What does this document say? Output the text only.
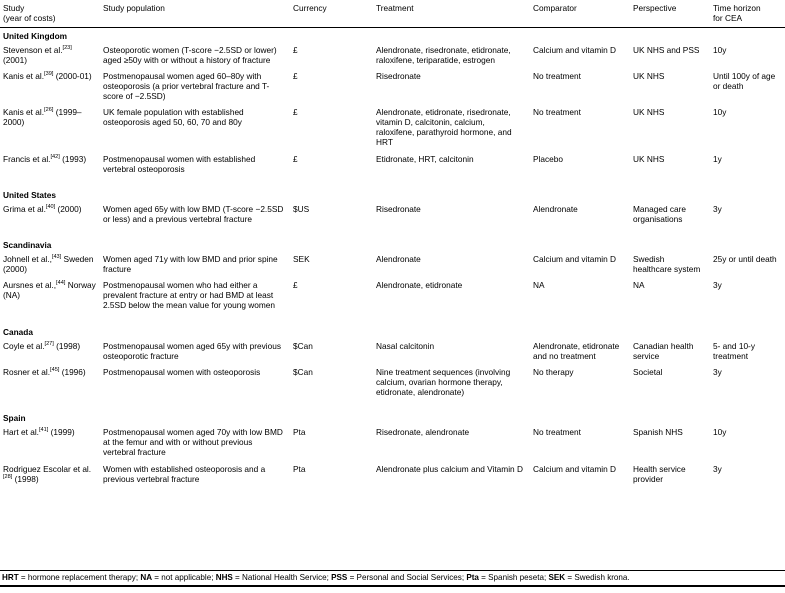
Study
(year of costs)	Study population	Currency	Treatment	Comparator	Perspective	Time horizon
for CEA

United Kingdom						
Stevenson et al.[23] (2001)	Osteoporotic women (T-score −2.5SD or lower) aged ≥50y with or without a history of fracture	£	Alendronate, risedronate, etidronate, raloxifene, teriparatide, estrogen	Calcium and vitamin D	UK NHS and PSS	10y
Kanis et al.[39] (2000-01)	Postmenopausal women aged 60–80y with osteoporosis (a prior vertebral fracture and T-score of −2.5SD)	£	Risedronate	No treatment	UK NHS	Until 100y of age or death
Kanis et al.[26] (1999–2000)	UK female population with established osteoporosis aged 50, 60, 70 and 80y	£	Alendronate, etidronate, risedronate, vitamin D, calcitonin, calcium, raloxifene, parathyroid hormone, and HRT	No treatment	UK NHS	10y
Francis et al.[42] (1993)	Postmenopausal women with established vertebral osteoporosis	£	Etidronate, HRT, calcitonin	Placebo	UK NHS	1y

United States						
Grima et al.[40] (2000)	Women aged 65y with low BMD (T-score −2.5SD or less) and a previous vertebral fracture	$US	Risedronate	Alendronate	Managed care organisations	3y

Scandinavia						
Johnell et al.,[43] Sweden (2000)	Women aged 71y with low BMD and prior spine fracture	SEK	Alendronate	Calcium and vitamin D	Swedish healthcare system	25y or until death
Aursnes et al.,[44] Norway (NA)	Postmenopausal women who had either a prevalent fracture at entry or had BMD at least 2.5SD below the mean value for young women	£	Alendronate, etidronate	NA	NA	3y

Canada						
Coyle et al.[27] (1998)	Postmenopausal women aged 65y with previous osteoporotic fracture	$Can	Nasal calcitonin	Alendronate, etidronate and no treatment	Canadian health service	5- and 10-y treatment
Rosner et al.[45] (1996)	Postmenopausal women with osteoporosis	$Can	Nine treatment sequences (involving calcium, ovarian hormone therapy, etidronate, alendronate)	No therapy	Societal	3y

Spain						
Hart et al.[41] (1999)	Postmenopausal women aged 70y with low BMD at the femur and with or without previous vertebral fracture	Pta	Risedronate, alendronate	No treatment	Spanish NHS	10y
Rodriguez Escolar et al.[28] (1998)	Women with established osteoporosis and a previous vertebral fracture	Pta	Alendronate plus calcium and Vitamin D	Calcium and vitamin D	Health service provider	3y
HRT = hormone replacement therapy; NA = not applicable; NHS = National Health Service; PSS = Personal and Social Services; Pta = Spanish peseta; SEK = Swedish krona.
